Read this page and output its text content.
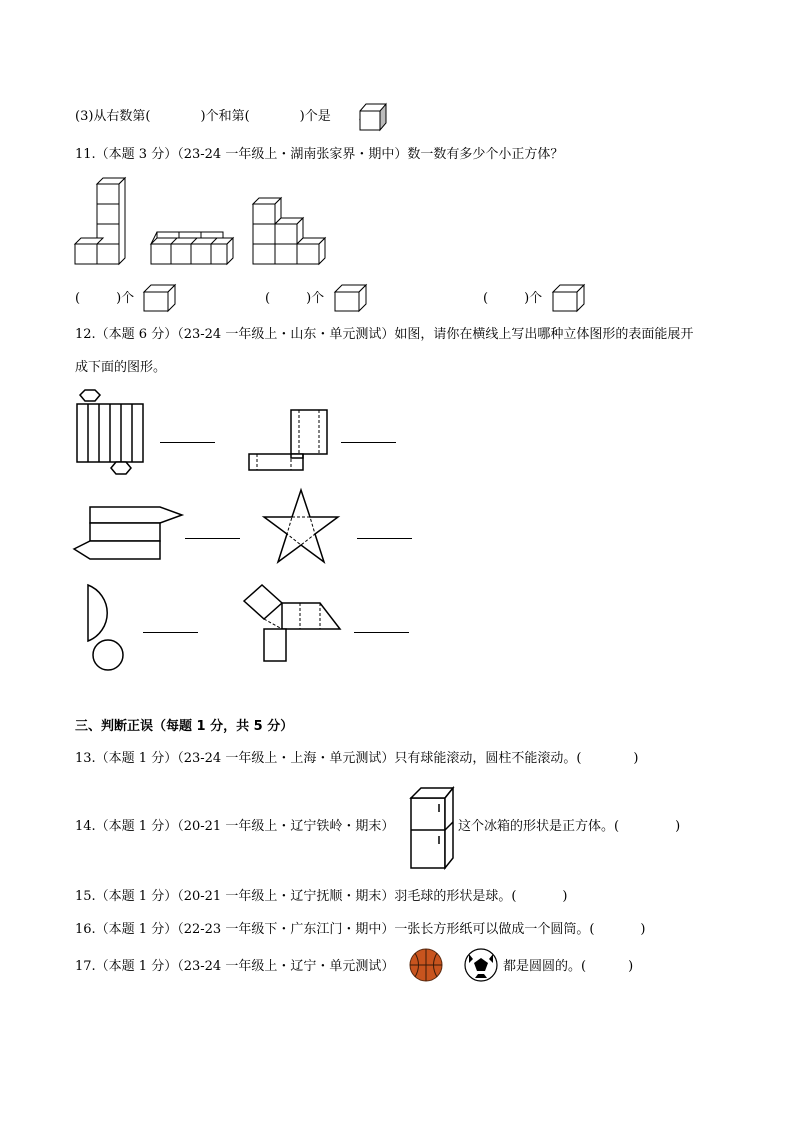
(3)从右数第(	)个和第(	)个是
11.（本题 3 分）（23-24 一年级上・湖南张家界・期中）数一数有多少个小正方体？
(	)个	(	)个	(	)个
12.（本题 6 分）（23-24 一年级上・山东・单元测试）如图，请你在横线上写出哪种立体图形的表面能展开
成下面的图形。
三、判断正误（每题 1 分，共 5 分）
13.（本题 1 分）（23-24 一年级上・上海・单元测试）只有球能滚动，圆柱不能滚动。(	)
14.（本题 1 分）（20-21 一年级上・辽宁铁岭・期末）	这个冰箱的形状是正方体。(	)
15.（本题 1 分）（20-21 一年级上・辽宁抚顺・期末）羽毛球的形状是球。(	)
16.（本题 1 分）（22-23 一年级下・广东江门・期中）一张长方形纸可以做成一个圆筒。(	)
17.（本题 1 分）（23-24 一年级上・辽宁・单元测试）	都是圆圆的。(	)
